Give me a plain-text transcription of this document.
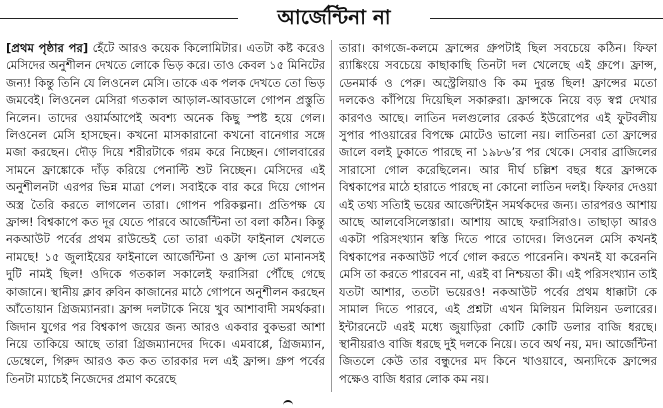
আর্জেন্টিনা না

[প্রথম পৃষ্ঠার পর] হেঁটে আরও কয়েক কিলোমিটার। এতটা কষ্ট করেও মেসিদের অনুশীলন দেখতে লোকে ভিড় করে। তাও কেবল ১৫ মিনিটের জন্য! কিন্তু তিনি যে লিওনেল মেসি। তাকে এক পলক দেখতে তো ভিড় জমবেই। লিওনেল মেসিরা গতকাল আড়াল-আবডালে গোপন প্রস্তুতি নিলেন। তাদের ওয়ার্মআপেই অবশ্য অনেক কিছু স্পষ্ট হয়ে গেল। লিওনেল মেসি হাসছেন। কখনো মাসকারানো কখনো বানেগার সঙ্গে মজা করছেন। দৌড় দিয়ে শরীরটাকে গরম করে নিচ্ছেন। গোলবারের সামনে ফ্রাঙ্কোকে দাঁড় করিয়ে পেনাল্টি শুট নিচ্ছেন। মেসিদের এই অনুশীলনটা এরপর ভিন্ন মাত্রা পেল। সবাইকে বার করে দিয়ে গোপন অস্ত্র তৈরি করতে লাগলেন তারা। গোপন পরিকল্পনা। প্রতিপক্ষ যে ফ্রান্স! বিশ্বকাপে কত দূর যেতে পারবে আর্জেন্টিনা তা বলা কঠিন। কিন্তু নকআউট পর্বের প্রথম রাউন্ডেই তো তারা একটা ফাইনাল খেলতে নামছে! ১৫ জুলাইয়ের ফাইনালে আর্জেন্টিনা ও ফ্রান্স তো মানানসই দুটি নামই ছিল! ওদিকে গতকাল সকালেই ফরাসিরা পৌঁছে গেছে কাজানে। স্থানীয় ক্লাব রুবিন কাজানের মাঠে গোপনে অনুশীলন করছেন আঁতোয়ান গ্রিজম্যানরা। ফ্রান্স দলটাকে নিয়ে খুব আশাবাদী সমর্থকরা। জিদান যুগের পর বিশ্বকাপ জয়ের জন্য আরও একবার বুকভরা আশা নিয়ে তাকিয়ে আছে তারা গ্রিজম্যানদের দিকে। এমবাপ্পে, গ্রিজম্যান, ডেম্বেলে, গিরুদ আরও কত কত তারকার দল এই ফ্রান্স। গ্রুপ পর্বের তিনটা ম্যাচেই নিজেদের প্রমাণ করেছে

তারা। কাগজে-কলমে ফ্রান্সের গ্রুপটাই ছিল সবচেয়ে কঠিন। ফিফা র‍্যাঙ্কিংয়ে সবচেয়ে কাছাকাছি তিনটা দল খেলেছে এই গ্রুপে। ফ্রান্স, ডেনমার্ক ও পেরু। অস্ট্রেলিয়াও কি কম দুরন্ত ছিল! ফ্রান্সের মতো দলকেও কাঁপিয়ে দিয়েছিল সকারুরা। ফ্রান্সকে নিয়ে বড় স্বপ্ন দেখার কারণও আছে। লাতিন দলগুলোর রেকর্ড ইউরোপের এই ফুটবলীয় সুপার পাওয়ারের বিপক্ষে মোটেও ভালো নয়। লাতিনরা তো ফ্রান্সের জালে বলই ঢুকাতে পারছে না ১৯৮৬’র পর থেকে। সেবার ব্রাজিলের সারাসো গোল করেছিলেন। আর দীর্ঘ চল্লিশ বছর ধরে ফ্রান্সকে বিশ্বকাপের মাঠে হারাতে পারছে না কোনো লাতিন দলই। ফিফার দেওয়া এই তথ্য সতিাই ভয়ের আর্জেন্টাইন সমর্থকদের জন্য। তারপরও আশায় আছে আলবেসিলেস্তারা। আশায় আছে ফরাসিরাও। তাছাড়া আরও একটা পরিসংখ্যান স্বস্তি দিতে পারে তাদের। লিওনেল মেসি কখনই বিশ্বকাপের নকআউট পর্বে গোল করতে পারেননি। কখনই যা করেননি মেসি তা করতে পারবেন না, এরই বা নিশ্চয়তা কী। এই পরিসংখ্যান তাই যতটা আশার, ততটা ভয়েরও! নকআউট পর্বের প্রথম ধাক্কাটা কে সামাল দিতে পারবে, এই প্রশ্নটা এখন মিলিয়ন মিলিয়ন ডলারের। ইন্টারনেটে এরই মধ্যে জুয়াড়িরা কোটি কোটি ডলার বাজি ধরছে। স্থানীয়রাও বাজি ধরছে দুই দলকে নিয়ে। তবে অর্থ নয়, মদ। আর্জেন্টিনা জিতলে কেউ তার বন্ধুদের মদ কিনে খাওয়াবে, অন্যদিকে ফ্রান্সের পক্ষেও বাজি ধরার লোক কম নয়।
